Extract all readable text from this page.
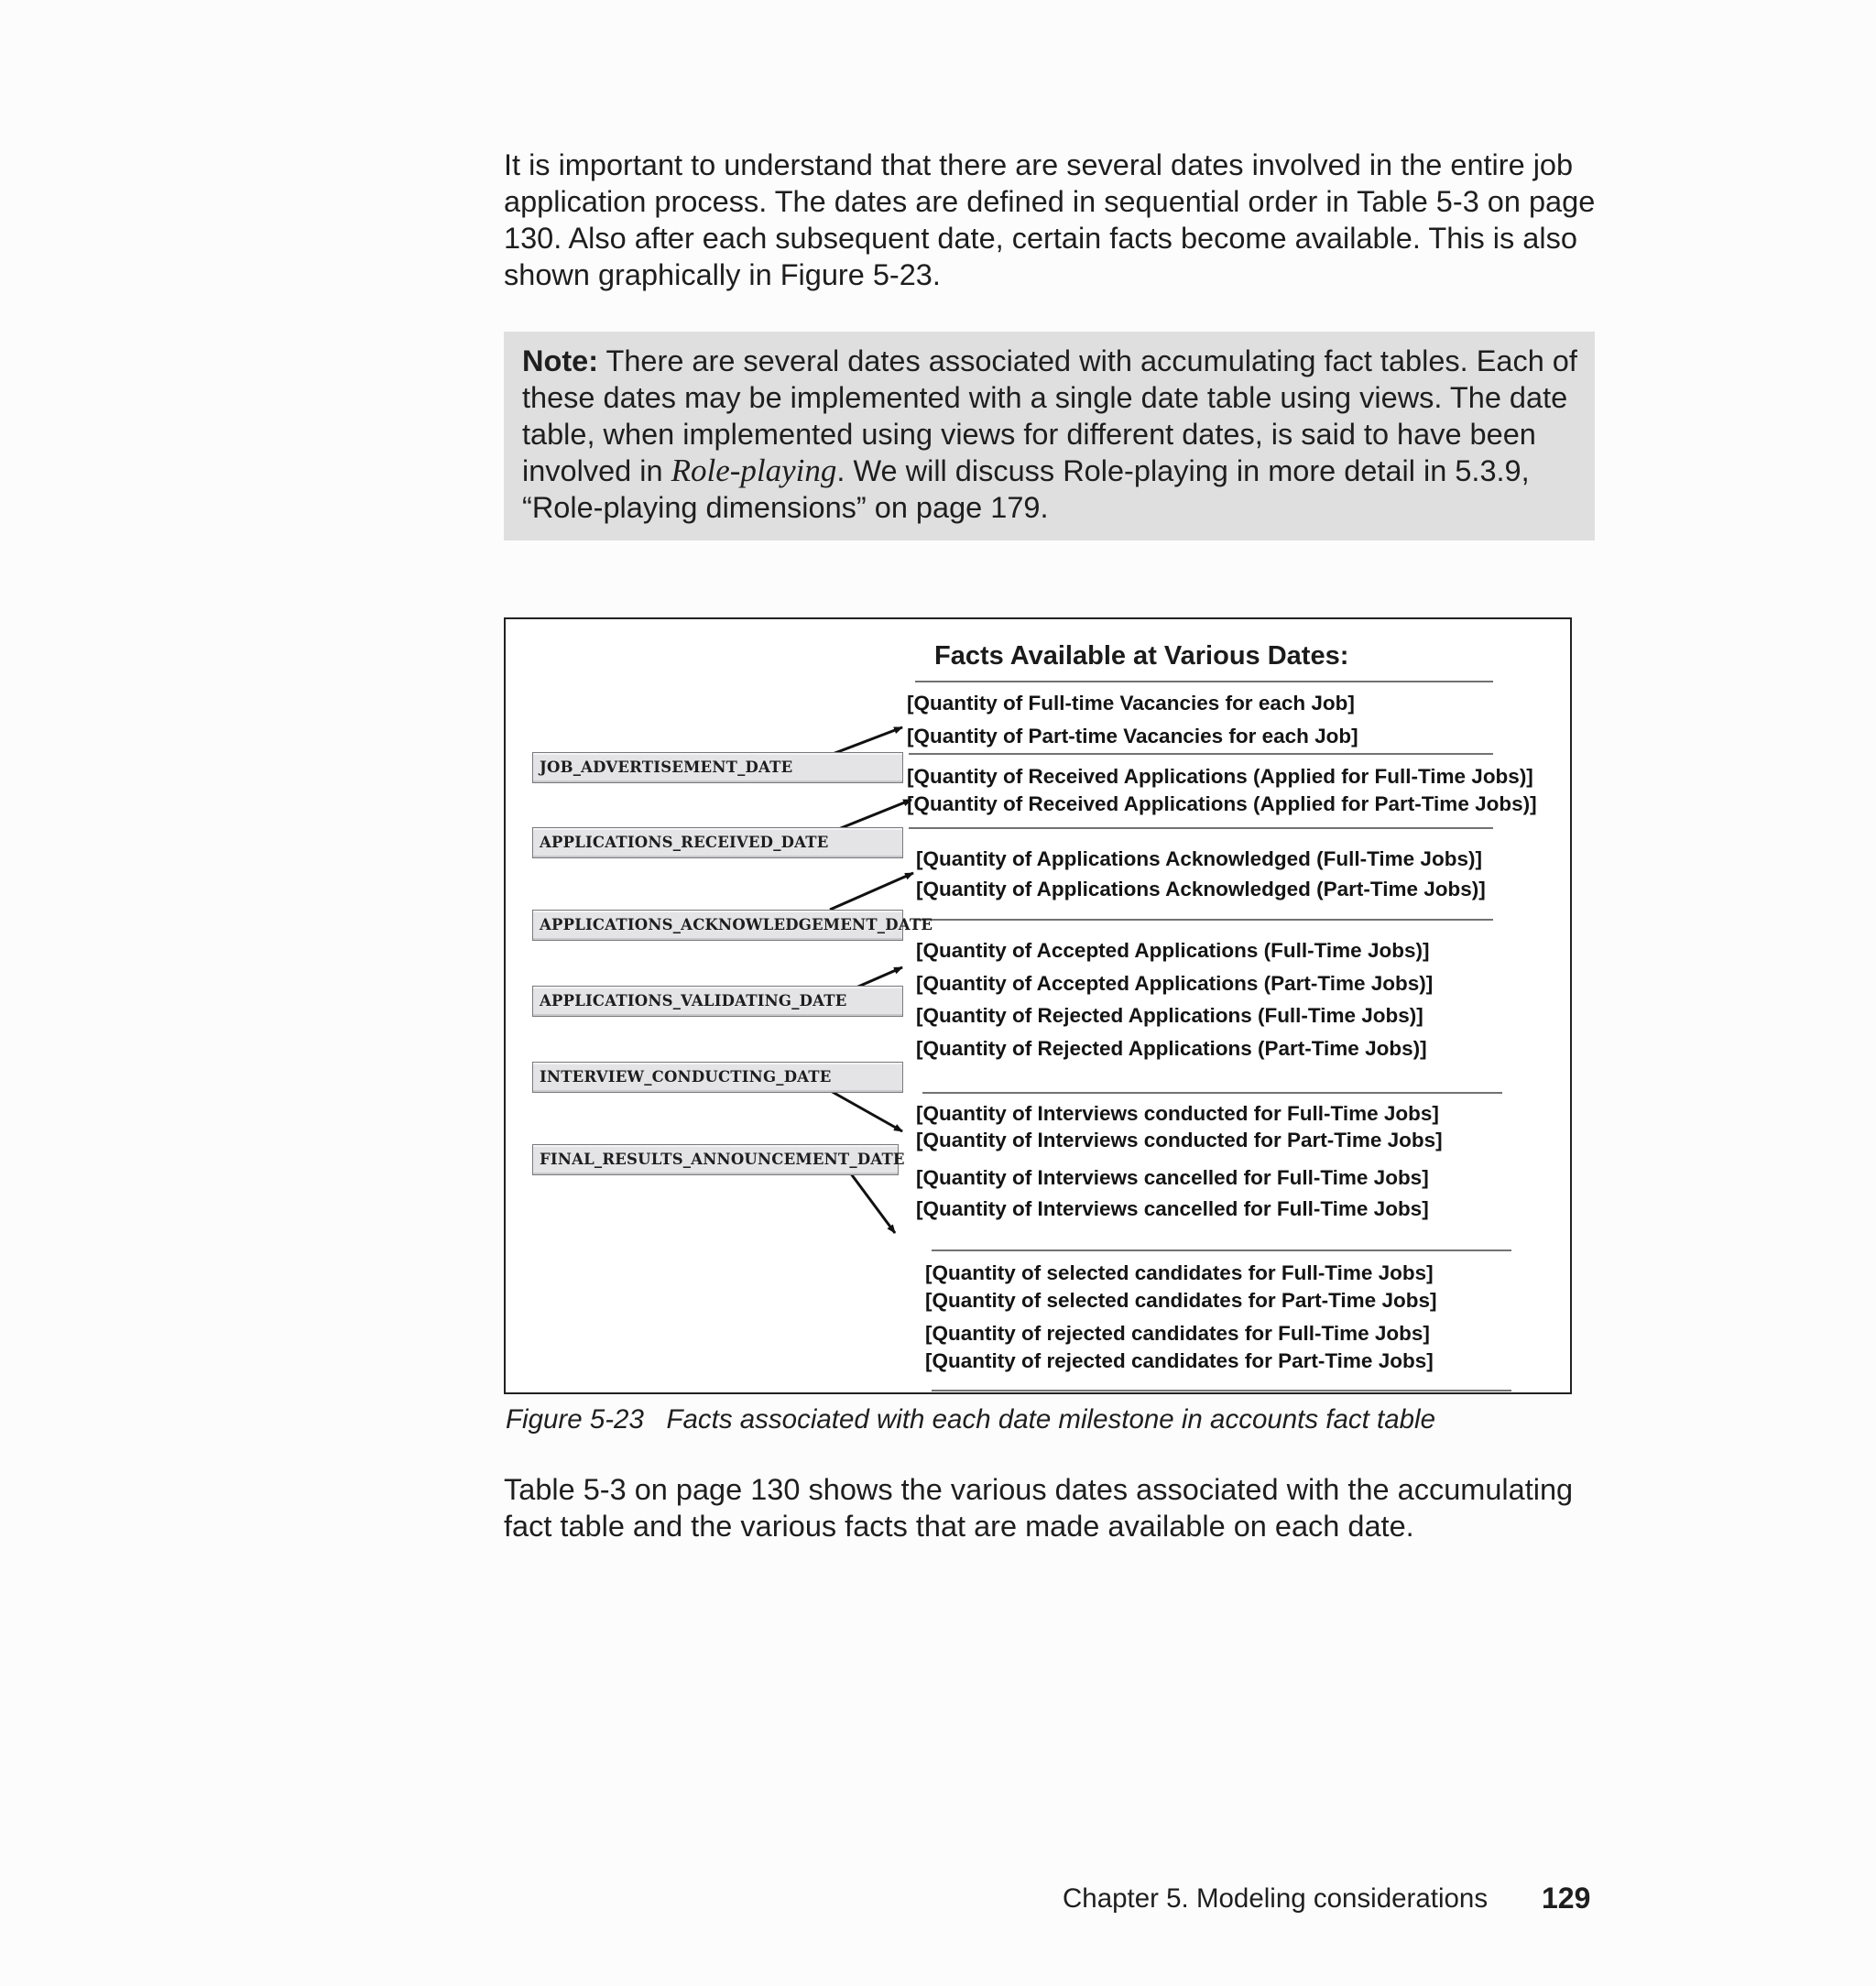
It is important to understand that there are several dates involved in the entire job application process. The dates are defined in sequential order in Table 5-3 on page 130. Also after each subsequent date, certain facts become available. This is also shown graphically in Figure 5-23.

Note: There are several dates associated with accumulating fact tables. Each of these dates may be implemented with a single date table using views. The date table, when implemented using views for different dates, is said to have been involved in Role-playing. We will discuss Role-playing in more detail in 5.3.9, “Role-playing dimensions” on page 179.

Facts Available at Various Dates:

JOB_ADVERTISEMENT_DATE
APPLICATIONS_RECEIVED_DATE
APPLICATIONS_ACKNOWLEDGEMENT_DATE
APPLICATIONS_VALIDATING_DATE
INTERVIEW_CONDUCTING_DATE
FINAL_RESULTS_ANNOUNCEMENT_DATE

[Quantity of Full-time Vacancies for each Job]

[Quantity of Part-time Vacancies for each Job]

[Quantity of Received Applications (Applied for Full-Time Jobs)]

[Quantity of Received Applications (Applied for Part-Time Jobs)]

[Quantity of Applications Acknowledged (Full-Time Jobs)]

[Quantity of Applications Acknowledged (Part-Time Jobs)]

[Quantity of Accepted Applications (Full-Time Jobs)]

[Quantity of Accepted Applications (Part-Time Jobs)]

[Quantity of Rejected Applications (Full-Time Jobs)]

[Quantity of Rejected Applications (Part-Time Jobs)]

[Quantity of Interviews conducted for Full-Time Jobs]

[Quantity of Interviews conducted for Part-Time Jobs]

[Quantity of Interviews cancelled for Full-Time Jobs]

[Quantity of Interviews cancelled for Full-Time Jobs]

[Quantity of selected candidates for Full-Time Jobs]

[Quantity of selected candidates for Part-Time Jobs]

[Quantity of rejected candidates for Full-Time Jobs]

[Quantity of rejected candidates for Part-Time Jobs]

Figure 5-23   Facts associated with each date milestone in accounts fact table

Table 5-3 on page 130 shows the various dates associated with the accumulating fact table and the various facts that are made available on each date.

Chapter 5. Modeling considerations 129
